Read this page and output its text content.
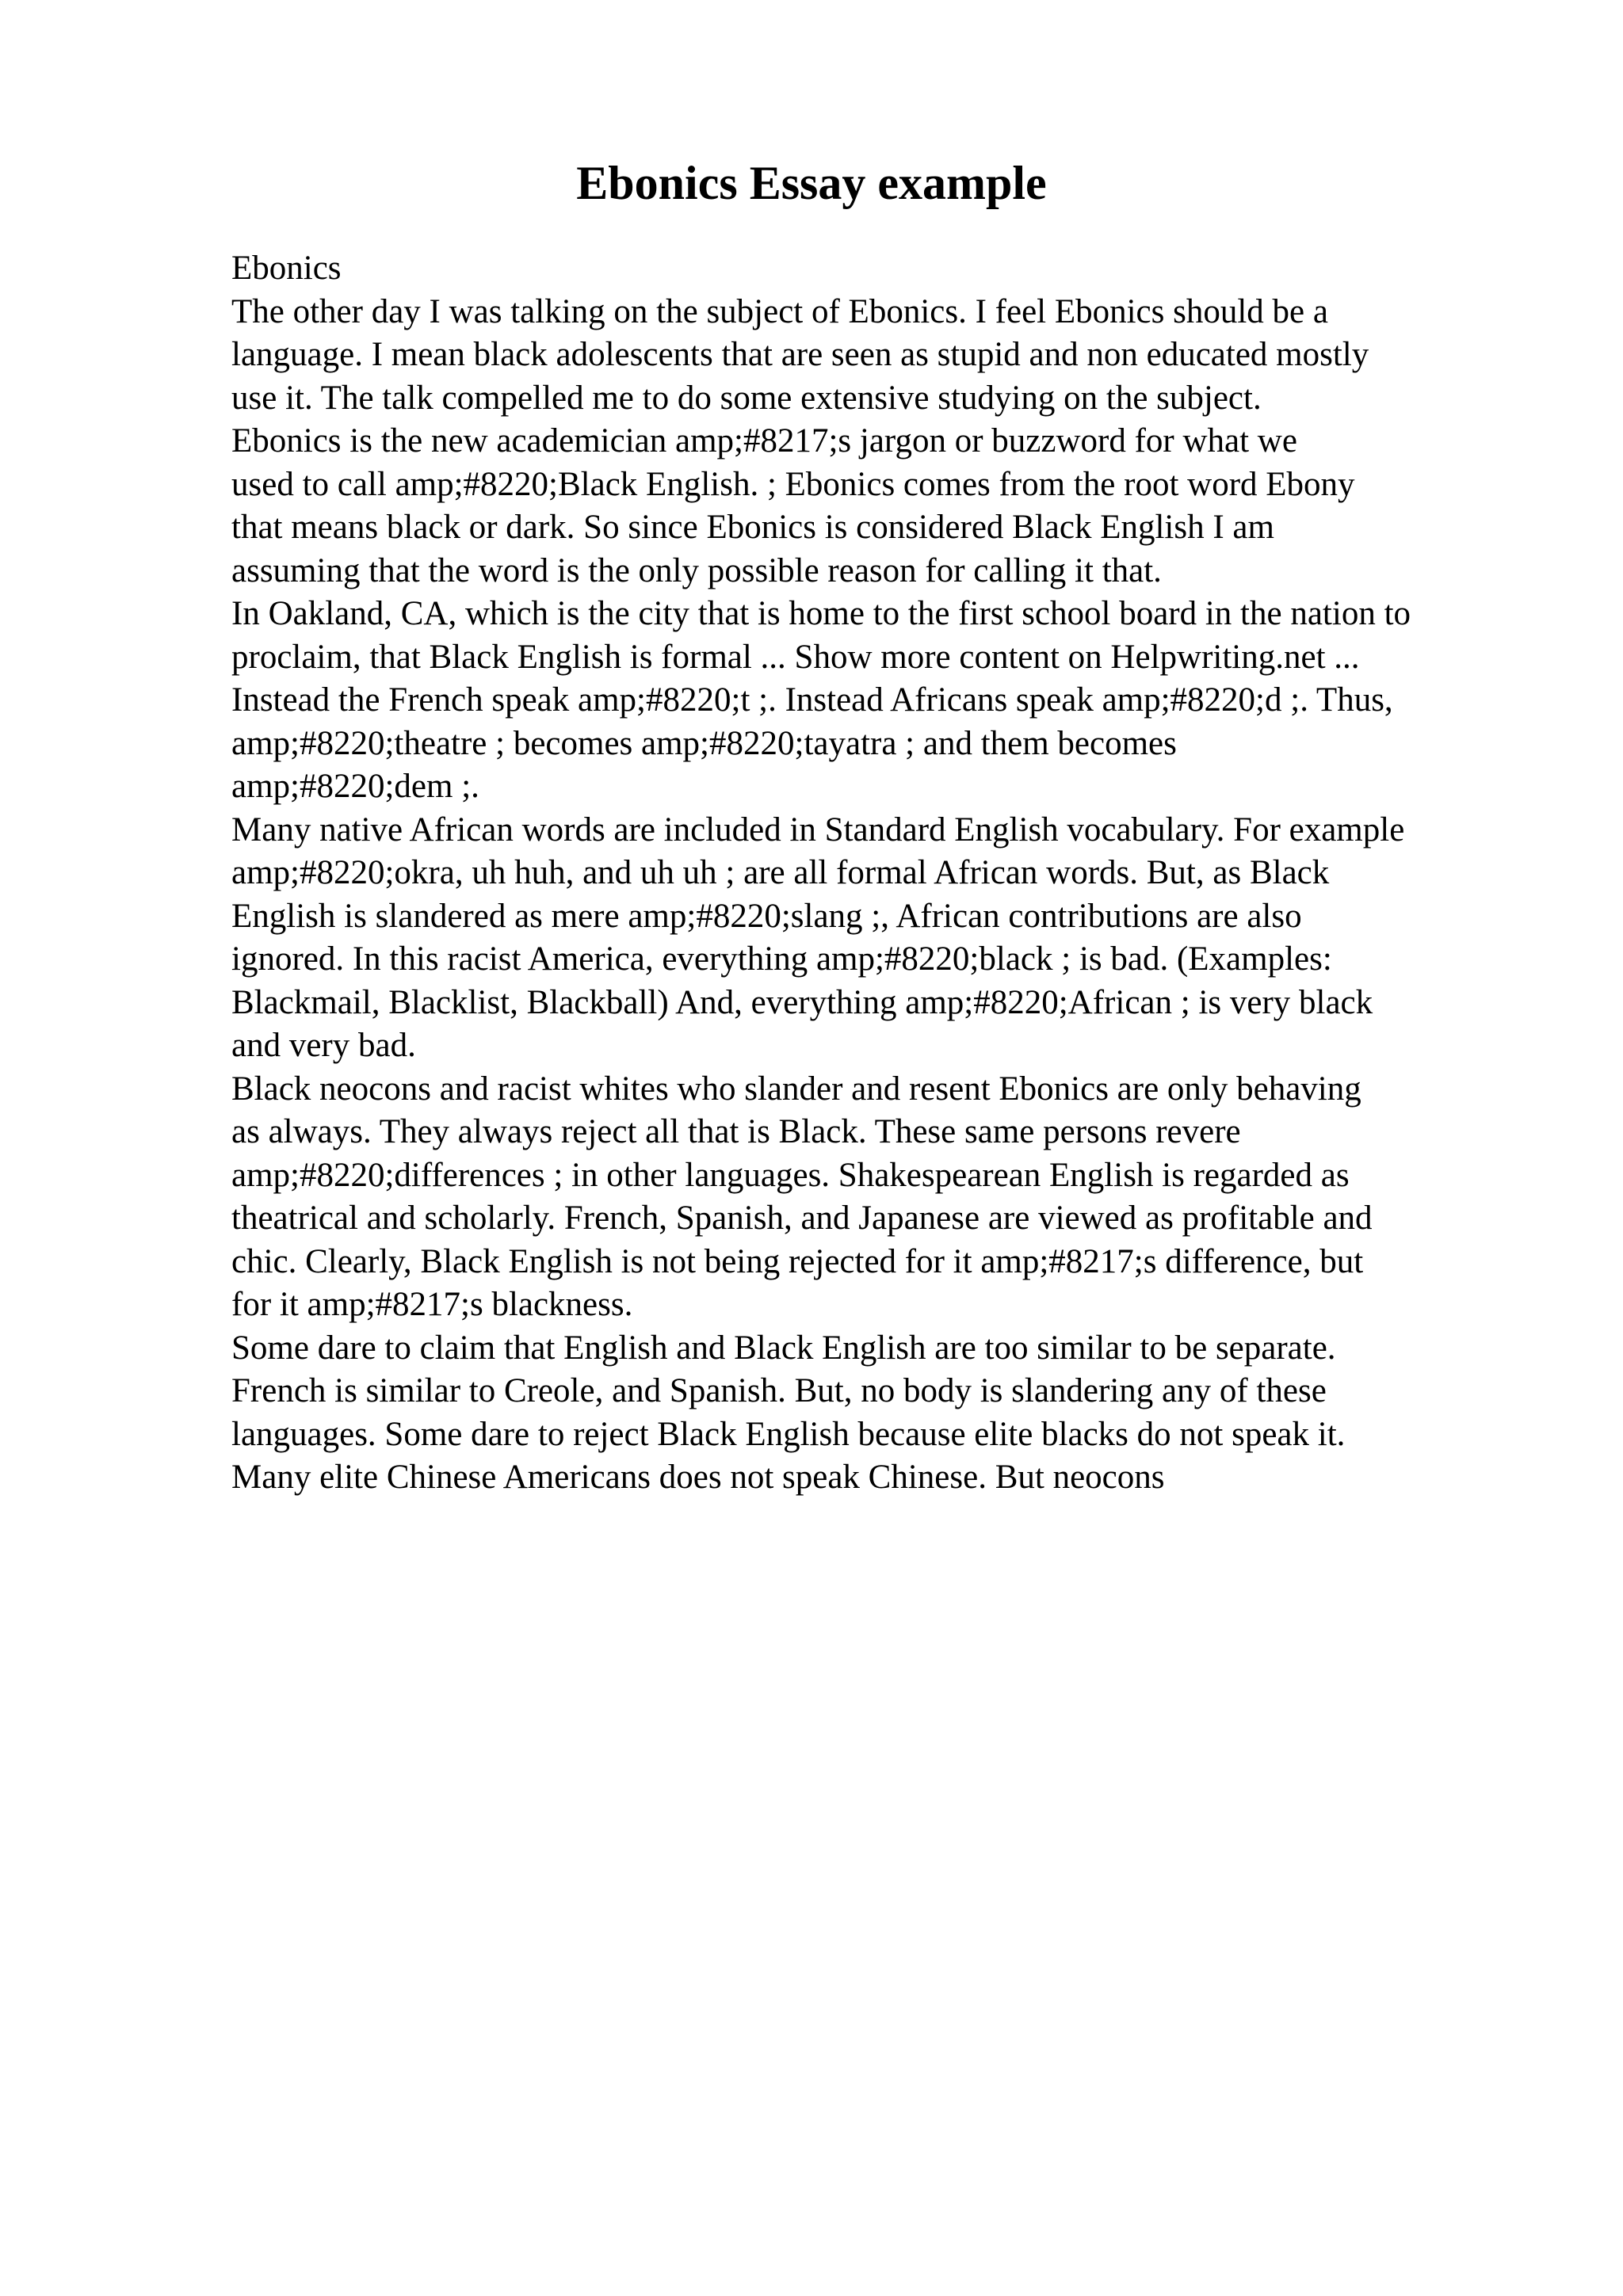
Ebonics Essay example
Ebonics
The other day I was talking on the subject of Ebonics. I feel Ebonics should be a
language. I mean black adolescents that are seen as stupid and non educated mostly
use it. The talk compelled me to do some extensive studying on the subject.
Ebonics is the new academician amp;#8217;s jargon or buzzword for what we
used to call amp;#8220;Black English. ; Ebonics comes from the root word Ebony
that means black or dark. So since Ebonics is considered Black English I am
assuming that the word is the only possible reason for calling it that.
In Oakland, CA, which is the city that is home to the first school board in the nation to
proclaim, that Black English is formal ... Show more content on Helpwriting.net ...
Instead the French speak amp;#8220;t ;. Instead Africans speak amp;#8220;d ;. Thus,
amp;#8220;theatre ; becomes amp;#8220;tayatra ; and them becomes
amp;#8220;dem ;.
Many native African words are included in Standard English vocabulary. For example
amp;#8220;okra, uh huh, and uh uh ; are all formal African words. But, as Black
English is slandered as mere amp;#8220;slang ;, African contributions are also
ignored. In this racist America, everything amp;#8220;black ; is bad. (Examples:
Blackmail, Blacklist, Blackball) And, everything amp;#8220;African ; is very black
and very bad.
Black neocons and racist whites who slander and resent Ebonics are only behaving
as always. They always reject all that is Black. These same persons revere
amp;#8220;differences ; in other languages. Shakespearean English is regarded as
theatrical and scholarly. French, Spanish, and Japanese are viewed as profitable and
chic. Clearly, Black English is not being rejected for it amp;#8217;s difference, but
for it amp;#8217;s blackness.
Some dare to claim that English and Black English are too similar to be separate.
French is similar to Creole, and Spanish. But, no body is slandering any of these
languages. Some dare to reject Black English because elite blacks do not speak it.
Many elite Chinese Americans does not speak Chinese. But neocons
